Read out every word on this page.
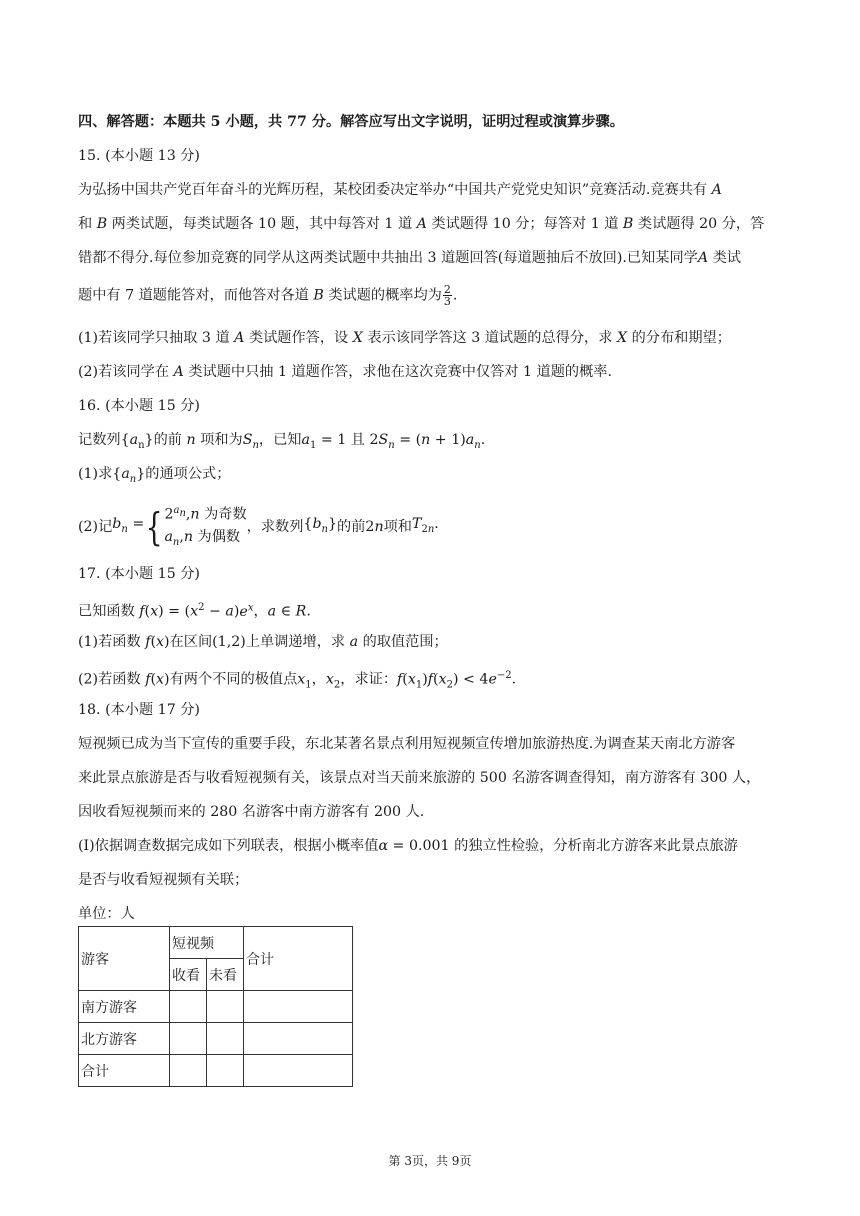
四、解答题：本题共 5 小题，共 77 分。解答应写出文字说明，证明过程或演算步骤。
15. (本小题 13 分)
为弘扬中国共产党百年奋斗的光辉历程，某校团委决定举办“中国共产党党史知识”竞赛活动.竞赛共有 A
和 B 两类试题，每类试题各 10 题，其中每答对 1 道 A 类试题得 10 分；每答对 1 道 B 类试题得 20 分，答
错都不得分.每位参加竞赛的同学从这两类试题中共抽出 3 道题回答(每道题抽后不放回).已知某同学A 类试
题中有 7 道题能答对，而他答对各道 B 类试题的概率均为 $\frac{2}{3}$ .
(1)若该同学只抽取 3 道 A 类试题作答，设 X 表示该同学答这 3 道试题的总得分，求 X 的分布和期望；
(2)若该同学在 A 类试题中只抽 1 道题作答，求他在这次竞赛中仅答对 1 道题的概率.
16. (本小题 15 分)
记数列$\{a_n\}$的前 n 项和为$S_n$，已知$a_1 = 1$ 且 $2S_n = (n + 1)a_n$.
(1)求$\{a_n\}$的通项公式；
(2)记$b_n$ ={ $2^{a_n},n$ 为奇数
$a_n,n$ 为偶数
，求数列$\{b_n\}$的前2n项和$T_{2n}$.
17. (本小题 15 分)
已知函数 $f(x) = (x^2 - a)e^x$，a ∈ R.
(1)若函数 f(x)在区间(1,2)上单调递增，求 a 的取值范围；
(2)若函数 f(x)有两个不同的极值点$x_1$，$x_2$，求证：$f(x_1)f(x_2) < 4e^{-2}$.
18. (本小题 17 分)
短视频已成为当下宣传的重要手段，东北某著名景点利用短视频宣传增加旅游热度.为调查某天南北方游客
来此景点旅游是否与收看短视频有关，该景点对当天前来旅游的 500 名游客调查得知，南方游客有 300 人，
因收看短视频而来的 280 名游客中南方游客有 200 人.
(Ⅰ)依据调查数据完成如下列联表，根据小概率值α = 0.001 的独立性检验，分析南北方游客来此景点旅游
是否与收看短视频有关联；
单位：人
游客	短视频		合计
	收看	未看	
南方游客			
北方游客			
合计			
第 3页，共 9页
